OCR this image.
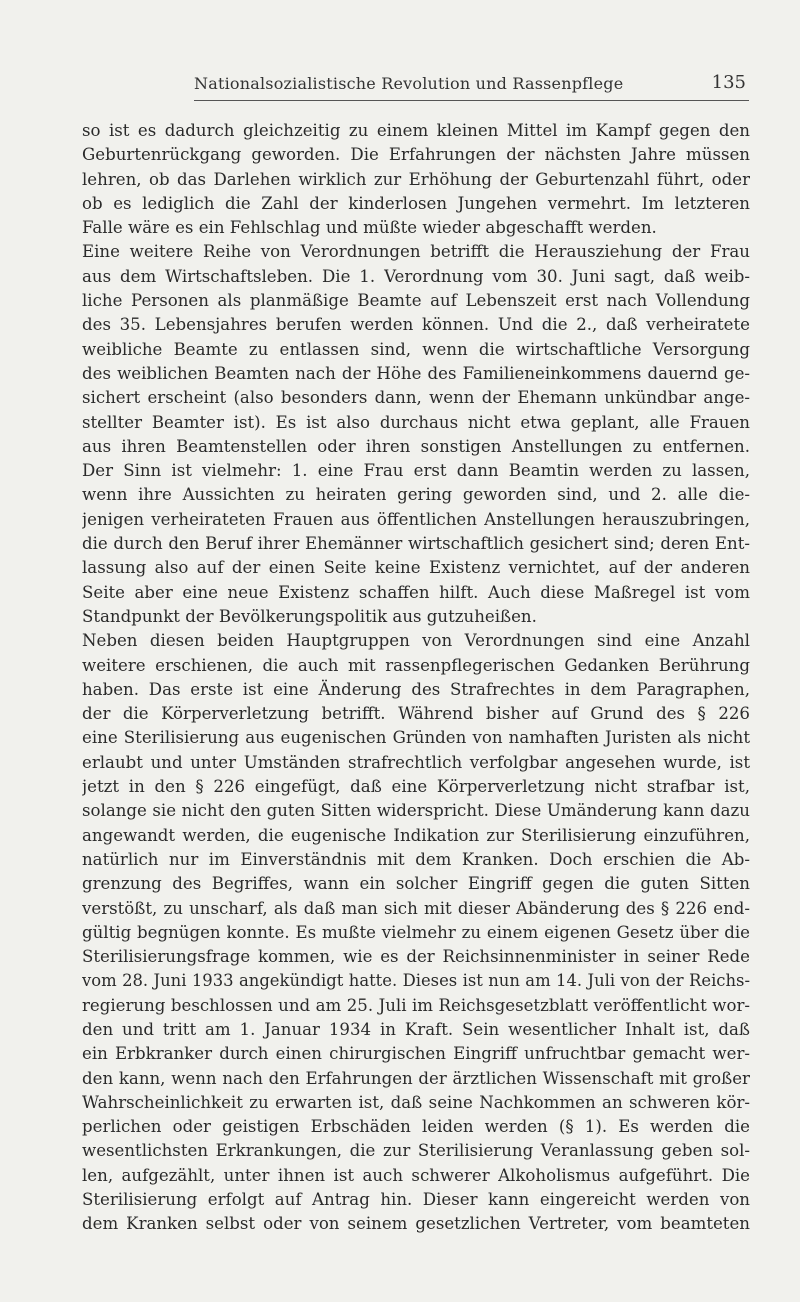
Nationalsozialistische Revolution und Rassenpflege	135
so ist es dadurch gleichzeitig zu einem kleinen Mittel im Kampf gegen den
Geburtenrückgang geworden. Die Erfahrungen der nächsten Jahre müssen
lehren, ob das Darlehen wirklich zur Erhöhung der Geburtenzahl führt, oder
ob es lediglich die Zahl der kinderlosen Jungehen vermehrt. Im letzteren
Falle wäre es ein Fehlschlag und müßte wieder abgeschafft werden.
Eine weitere Reihe von Verordnungen betrifft die Herausziehung der Frau
aus dem Wirtschaftsleben. Die 1. Verordnung vom 30. Juni sagt, daß weib-
liche Personen als planmäßige Beamte auf Lebenszeit erst nach Vollendung
des 35. Lebensjahres berufen werden können. Und die 2., daß verheiratete
weibliche Beamte zu entlassen sind, wenn die wirtschaftliche Versorgung
des weiblichen Beamten nach der Höhe des Familieneinkommens dauernd ge-
sichert erscheint (also besonders dann, wenn der Ehemann unkündbar ange-
stellter Beamter ist). Es ist also durchaus nicht etwa geplant, alle Frauen
aus ihren Beamtenstellen oder ihren sonstigen Anstellungen zu entfernen.
Der Sinn ist vielmehr: 1. eine Frau erst dann Beamtin werden zu lassen,
wenn ihre Aussichten zu heiraten gering geworden sind, und 2. alle die-
jenigen verheirateten Frauen aus öffentlichen Anstellungen herauszubringen,
die durch den Beruf ihrer Ehemänner wirtschaftlich gesichert sind; deren Ent-
lassung also auf der einen Seite keine Existenz vernichtet, auf der anderen
Seite aber eine neue Existenz schaffen hilft. Auch diese Maßregel ist vom
Standpunkt der Bevölkerungspolitik aus gutzuheißen.
Neben diesen beiden Hauptgruppen von Verordnungen sind eine Anzahl
weitere erschienen, die auch mit rassenpflegerischen Gedanken Berührung
haben. Das erste ist eine Änderung des Strafrechtes in dem Paragraphen,
der die Körperverletzung betrifft. Während bisher auf Grund des § 226
eine Sterilisierung aus eugenischen Gründen von namhaften Juristen als nicht
erlaubt und unter Umständen strafrechtlich verfolgbar angesehen wurde, ist
jetzt in den § 226 eingefügt, daß eine Körperverletzung nicht strafbar ist,
solange sie nicht den guten Sitten widerspricht. Diese Umänderung kann dazu
angewandt werden, die eugenische Indikation zur Sterilisierung einzuführen,
natürlich nur im Einverständnis mit dem Kranken. Doch erschien die Ab-
grenzung des Begriffes, wann ein solcher Eingriff gegen die guten Sitten
verstößt, zu unscharf, als daß man sich mit dieser Abänderung des § 226 end-
gültig begnügen konnte. Es mußte vielmehr zu einem eigenen Gesetz über die
Sterilisierungsfrage kommen, wie es der Reichsinnenminister in seiner Rede
vom 28. Juni 1933 angekündigt hatte. Dieses ist nun am 14. Juli von der Reichs-
regierung beschlossen und am 25. Juli im Reichsgesetzblatt veröffentlicht wor-
den und tritt am 1. Januar 1934 in Kraft. Sein wesentlicher Inhalt ist, daß
ein Erbkranker durch einen chirurgischen Eingriff unfruchtbar gemacht wer-
den kann, wenn nach den Erfahrungen der ärztlichen Wissenschaft mit großer
Wahrscheinlichkeit zu erwarten ist, daß seine Nachkommen an schweren kör-
perlichen oder geistigen Erbschäden leiden werden (§ 1). Es werden die
wesentlichsten Erkrankungen, die zur Sterilisierung Veranlassung geben sol-
len, aufgezählt, unter ihnen ist auch schwerer Alkoholismus aufgeführt. Die
Sterilisierung erfolgt auf Antrag hin. Dieser kann eingereicht werden von
dem Kranken selbst oder von seinem gesetzlichen Vertreter, vom beamteten
